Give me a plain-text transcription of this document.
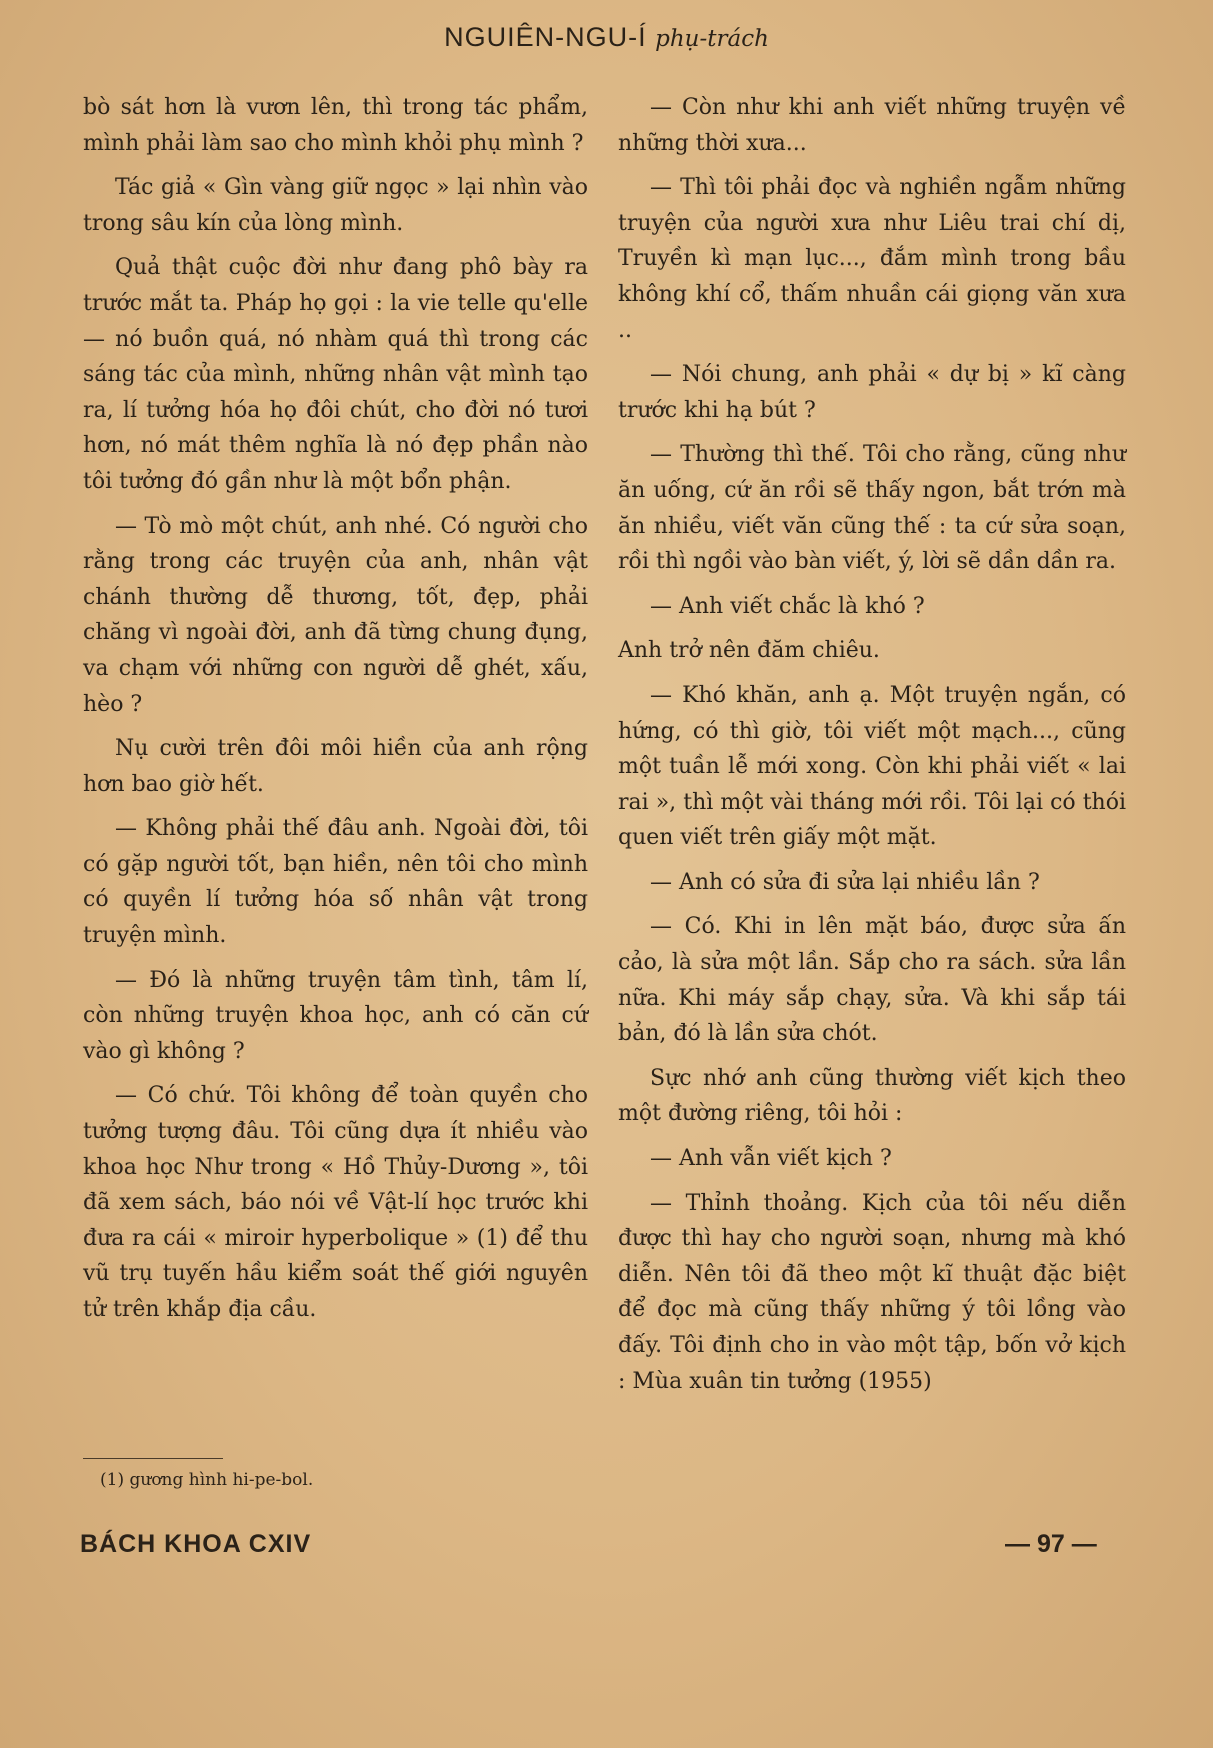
NGUIÊN-NGU-Í phụ-trách

bò sát hơn là vươn lên, thì trong tác phẩm, mình phải làm sao cho mình khỏi phụ mình ?

Tác giả « Gìn vàng giữ ngọc » lại nhìn vào trong sâu kín của lòng mình.

Quả thật cuộc đời như đang phô bày ra trước mắt ta. Pháp họ gọi : la vie telle qu'elle — nó buồn quá, nó nhàm quá thì trong các sáng tác của mình, những nhân vật mình tạo ra, lí tưởng hóa họ đôi chút, cho đời nó tươi hơn, nó mát thêm nghĩa là nó đẹp phần nào tôi tưởng đó gần như là một bổn phận.

— Tò mò một chút, anh nhé. Có người cho rằng trong các truyện của anh, nhân vật chánh thường dễ thương, tốt, đẹp, phải chăng vì ngoài đời, anh đã từng chung đụng, va chạm với những con người dễ ghét, xấu, hèo ?

Nụ cười trên đôi môi hiền của anh rộng hơn bao giờ hết.

— Không phải thế đâu anh. Ngoài đời, tôi có gặp người tốt, bạn hiền, nên tôi cho mình có quyền lí tưởng hóa số nhân vật trong truyện mình.

— Đó là những truyện tâm tình, tâm lí, còn những truyện khoa học, anh có căn cứ vào gì không ?

— Có chứ. Tôi không để toàn quyền cho tưởng tượng đâu. Tôi cũng dựa ít nhiều vào khoa học Như trong « Hồ Thủy-Dương », tôi đã xem sách, báo nói về Vật-lí học trước khi đưa ra cái « miroir hyperbolique » (1) để thu vũ trụ tuyến hầu kiểm soát thế giới nguyên tử trên khắp địa cầu.

— Còn như khi anh viết những truyện về những thời xưa...

— Thì tôi phải đọc và nghiền ngẫm những truyện của người xưa như Liêu trai chí dị, Truyền kì mạn lục..., đắm mình trong bầu không khí cổ, thấm nhuần cái giọng văn xưa ..

— Nói chung, anh phải « dự bị » kĩ càng trước khi hạ bút ?

— Thường thì thế. Tôi cho rằng, cũng như ăn uống, cứ ăn rồi sẽ thấy ngon, bắt trớn mà ăn nhiều, viết văn cũng thế : ta cứ sửa soạn, rồi thì ngồi vào bàn viết, ý, lời sẽ dần dần ra.

— Anh viết chắc là khó ?

Anh trở nên đăm chiêu.

— Khó khăn, anh ạ. Một truyện ngắn, có hứng, có thì giờ, tôi viết một mạch..., cũng một tuần lễ mới xong. Còn khi phải viết « lai rai », thì một vài tháng mới rồi. Tôi lại có thói quen viết trên giấy một mặt.

— Anh có sửa đi sửa lại nhiều lần ?

— Có. Khi in lên mặt báo, được sửa ấn cảo, là sửa một lần. Sắp cho ra sách. sửa lần nữa. Khi máy sắp chạy, sửa. Và khi sắp tái bản, đó là lần sửa chót.

Sực nhớ anh cũng thường viết kịch theo một đường riêng, tôi hỏi :

— Anh vẫn viết kịch ?

— Thỉnh thoảng. Kịch của tôi nếu diễn được thì hay cho người soạn, nhưng mà khó diễn. Nên tôi đã theo một kĩ thuật đặc biệt để đọc mà cũng thấy những ý tôi lồng vào đấy. Tôi định cho in vào một tập, bốn vở kịch : Mùa xuân tin tưởng (1955)

(1) gương hình hi-pe-bol.
BÁCH KHOA CXIV	— 97 —
